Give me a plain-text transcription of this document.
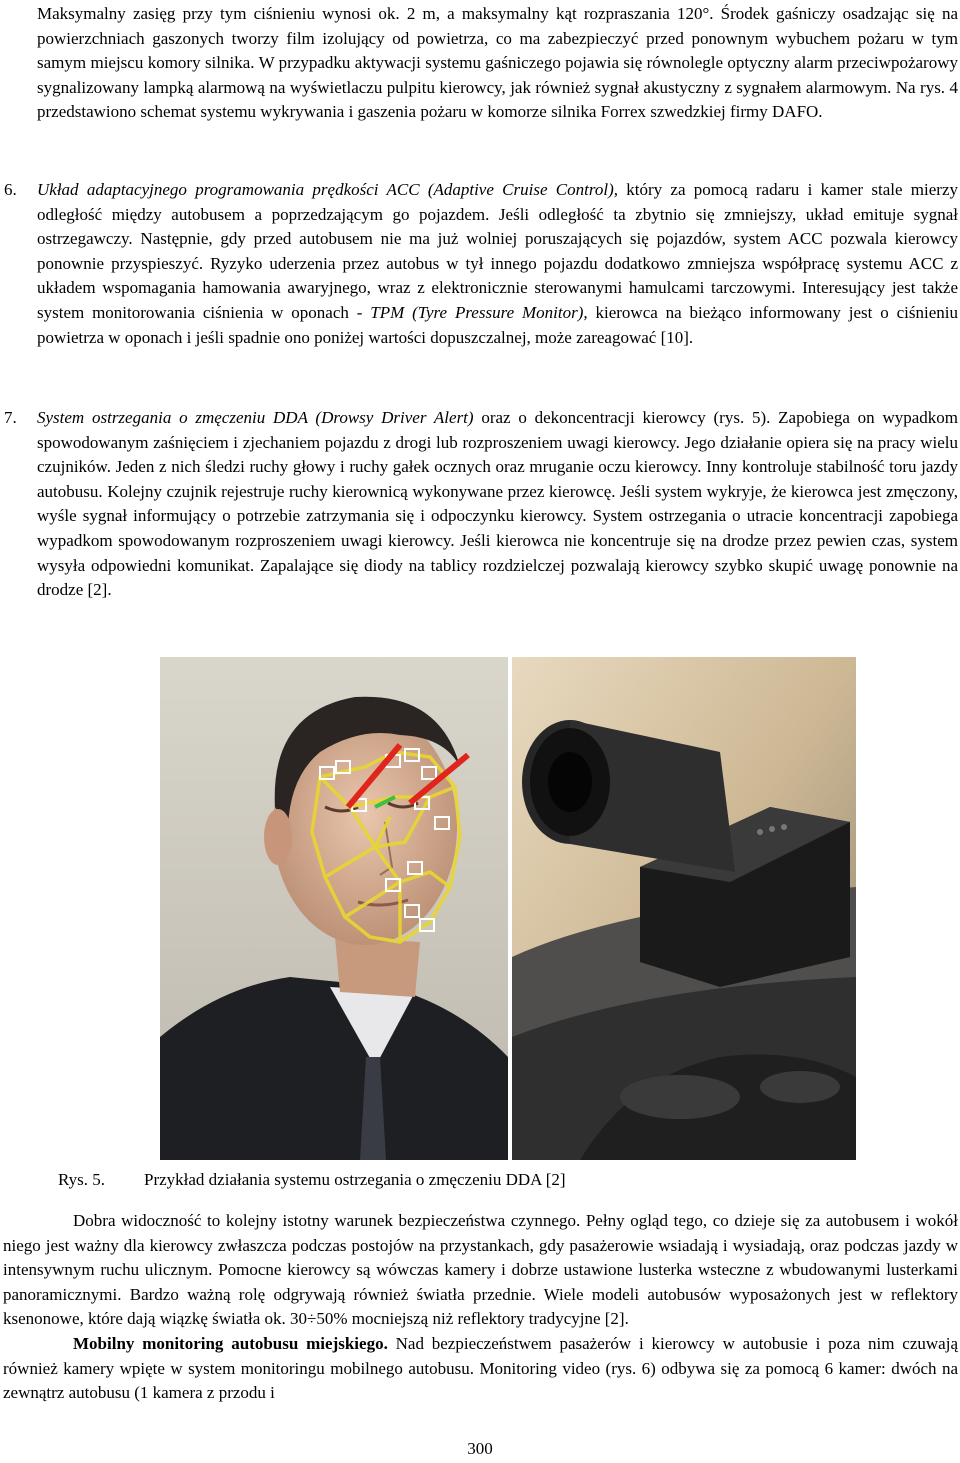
Maksymalny zasięg przy tym ciśnieniu wynosi ok. 2 m, a maksymalny kąt rozpraszania 120°. Środek gaśniczy osadzając się na powierzchniach gaszonych tworzy film izolujący od powietrza, co ma zabezpieczyć przed ponownym wybuchem pożaru w tym samym miejscu komory silnika. W przypadku aktywacji systemu gaśniczego pojawia się równolegle optyczny alarm przeciwpożarowy sygnalizowany lampką alarmową na wyświetlaczu pulpitu kierowcy, jak również sygnał akustyczny z sygnałem alarmowym. Na rys. 4 przedstawiono schemat systemu wykrywania i gaszenia pożaru w komorze silnika Forrex szwedzkiej firmy DAFO.

6. Układ adaptacyjnego programowania prędkości ACC (Adaptive Cruise Control), który za pomocą radaru i kamer stale mierzy odległość między autobusem a poprzedzającym go pojazdem. Jeśli odległość ta zbytnio się zmniejszy, układ emituje sygnał ostrzegawczy. Następnie, gdy przed autobusem nie ma już wolniej poruszających się pojazdów, system ACC pozwala kierowcy ponownie przyspieszyć. Ryzyko uderzenia przez autobus w tył innego pojazdu dodatkowo zmniejsza współpracę systemu ACC z układem wspomagania hamowania awaryjnego, wraz z elektronicznie sterowanymi hamulcami tarczowymi. Interesujący jest także system monitorowania ciśnienia w oponach - TPM (Tyre Pressure Monitor), kierowca na bieżąco informowany jest o ciśnieniu powietrza w oponach i jeśli spadnie ono poniżej wartości dopuszczalnej, może zareagować [10].

7. System ostrzegania o zmęczeniu DDA (Drowsy Driver Alert) oraz o dekoncentracji kierowcy (rys. 5). Zapobiega on wypadkom spowodowanym zaśnięciem i zjechaniem pojazdu z drogi lub rozproszeniem uwagi kierowcy. Jego działanie opiera się na pracy wielu czujników. Jeden z nich śledzi ruchy głowy i ruchy gałek ocznych oraz mruganie oczu kierowcy. Inny kontroluje stabilność toru jazdy autobusu. Kolejny czujnik rejestruje ruchy kierownicą wykonywane przez kierowcę. Jeśli system wykryje, że kierowca jest zmęczony, wyśle sygnał informujący o potrzebie zatrzymania się i odpoczynku kierowcy. System ostrzegania o utracie koncentracji zapobiega wypadkom spowodowanym rozproszeniem uwagi kierowcy. Jeśli kierowca nie koncentruje się na drodze przez pewien czas, system wysyła odpowiedni komunikat. Zapalające się diody na tablicy rozdzielczej pozwalają kierowcy szybko skupić uwagę ponownie na drodze [2].

Rys. 5. Przykład działania systemu ostrzegania o zmęczeniu DDA [2]

Dobra widoczność to kolejny istotny warunek bezpieczeństwa czynnego. Pełny ogląd tego, co dzieje się za autobusem i wokół niego jest ważny dla kierowcy zwłaszcza podczas postojów na przystankach, gdy pasażerowie wsiadają i wysiadają, oraz podczas jazdy w intensywnym ruchu ulicznym. Pomocne kierowcy są wówczas kamery i dobrze ustawione lusterka wsteczne z wbudowanymi lusterkami panoramicznymi. Bardzo ważną rolę odgrywają również światła przednie. Wiele modeli autobusów wyposażonych jest w reflektory ksenonowe, które dają wiązkę światła ok. 30÷50% mocniejszą niż reflektory tradycyjne [2].

Mobilny monitoring autobusu miejskiego. Nad bezpieczeństwem pasażerów i kierowcy w autobusie i poza nim czuwają również kamery wpięte w system monitoringu mobilnego autobusu. Monitoring video (rys. 6) odbywa się za pomocą 6 kamer: dwóch na zewnątrz autobusu (1 kamera z przodu i

300
